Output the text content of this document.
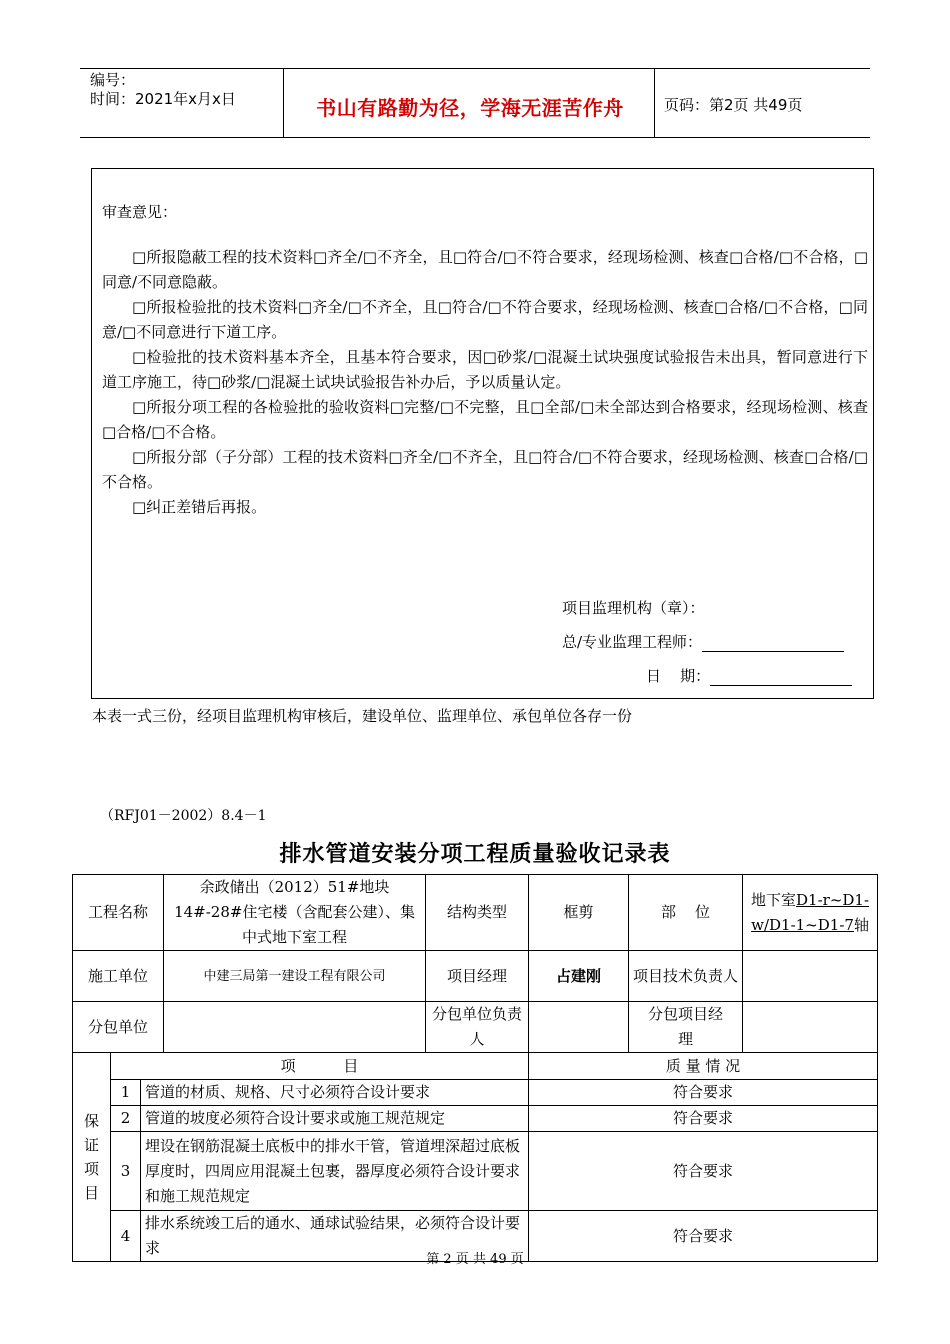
编号：
时间：2021年x月x日	书山有路勤为径，学海无涯苦作舟	页码：第2页 共49页
审查意见：

□所报隐蔽工程的技术资料□齐全/□不齐全，且□符合/□不符合要求，经现场检测、核查□合格/□不合格，□同意/不同意隐蔽。

□所报检验批的技术资料□齐全/□不齐全，且□符合/□不符合要求，经现场检测、核查□合格/□不合格，□同意/□不同意进行下道工序。

□检验批的技术资料基本齐全，且基本符合要求，因□砂浆/□混凝土试块强度试验报告未出具，暂同意进行下道工序施工，待□砂浆/□混凝土试块试验报告补办后，予以质量认定。

□所报分项工程的各检验批的验收资料□完整/□不完整，且□全部/□未全部达到合格要求，经现场检测、核查□合格/□不合格。

□所报分部（子分部）工程的技术资料□齐全/□不齐全，且□符合/□不符合要求，经现场检测、核查□合格/□不合格。

□纠正差错后再报。

项目监理机构（章）：
总/专业监理工程师：
日    期：
本表一式三份，经项目监理机构审核后，建设单位、监理单位、承包单位各存一份
（RFJ01－2002）8.4－1
排水管道安装分项工程质量验收记录表
工程名称			余政储出（2012）51#地块14#-28#住宅楼（含配套公建）、集中式地下室工程	结构类型	框剪	部    位	地下室D1-r~D1-w/D1-1~D1-7轴
施工单位			中建三局第一建设工程有限公司	项目经理	占建刚	项目技术负责人	
分包单位				分包单位负责人		分包项目经    理	
保证项目	项          目				质 量 情 况		
	1	管道的材质、规格、尺寸必须符合设计要求			符合要求		
	2	管道的坡度必须符合设计要求或施工规范规定			符合要求		
	3	埋设在钢筋混凝土底板中的排水干管，管道埋深超过底板厚度时，四周应用混凝土包裹，器厚度必须符合设计要求和施工规范规定			符合要求		
	4	排水系统竣工后的通水、通球试验结果，必须符合设计要求			符合要求		
第 2 页 共 49 页
